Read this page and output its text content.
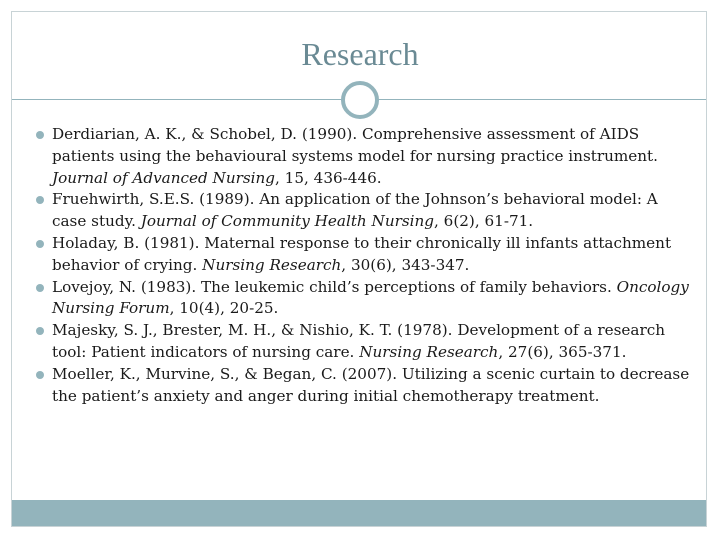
Research
Derdiarian, A. K., & Schobel, D. (1990). Comprehensive assessment of AIDS patients using the behavioural systems model for nursing practice instrument. Journal of Advanced Nursing, 15, 436-446.
Fruehwirth, S.E.S. (1989). An application of the Johnson’s behavioral model: A case study. Journal of Community Health Nursing, 6(2), 61-71.
Holaday, B. (1981). Maternal response to their chronically ill infants attachment behavior of crying. Nursing Research, 30(6), 343-347.
Lovejoy, N. (1983). The leukemic child’s perceptions of family behaviors. Oncology Nursing Forum, 10(4), 20-25.
Majesky, S. J., Brester, M. H., & Nishio, K. T. (1978). Development of a research tool: Patient indicators of nursing care. Nursing Research, 27(6), 365-371.
Moeller, K., Murvine, S., & Began, C. (2007). Utilizing a scenic curtain to decrease the patient’s anxiety and anger during initial chemotherapy treatment.
